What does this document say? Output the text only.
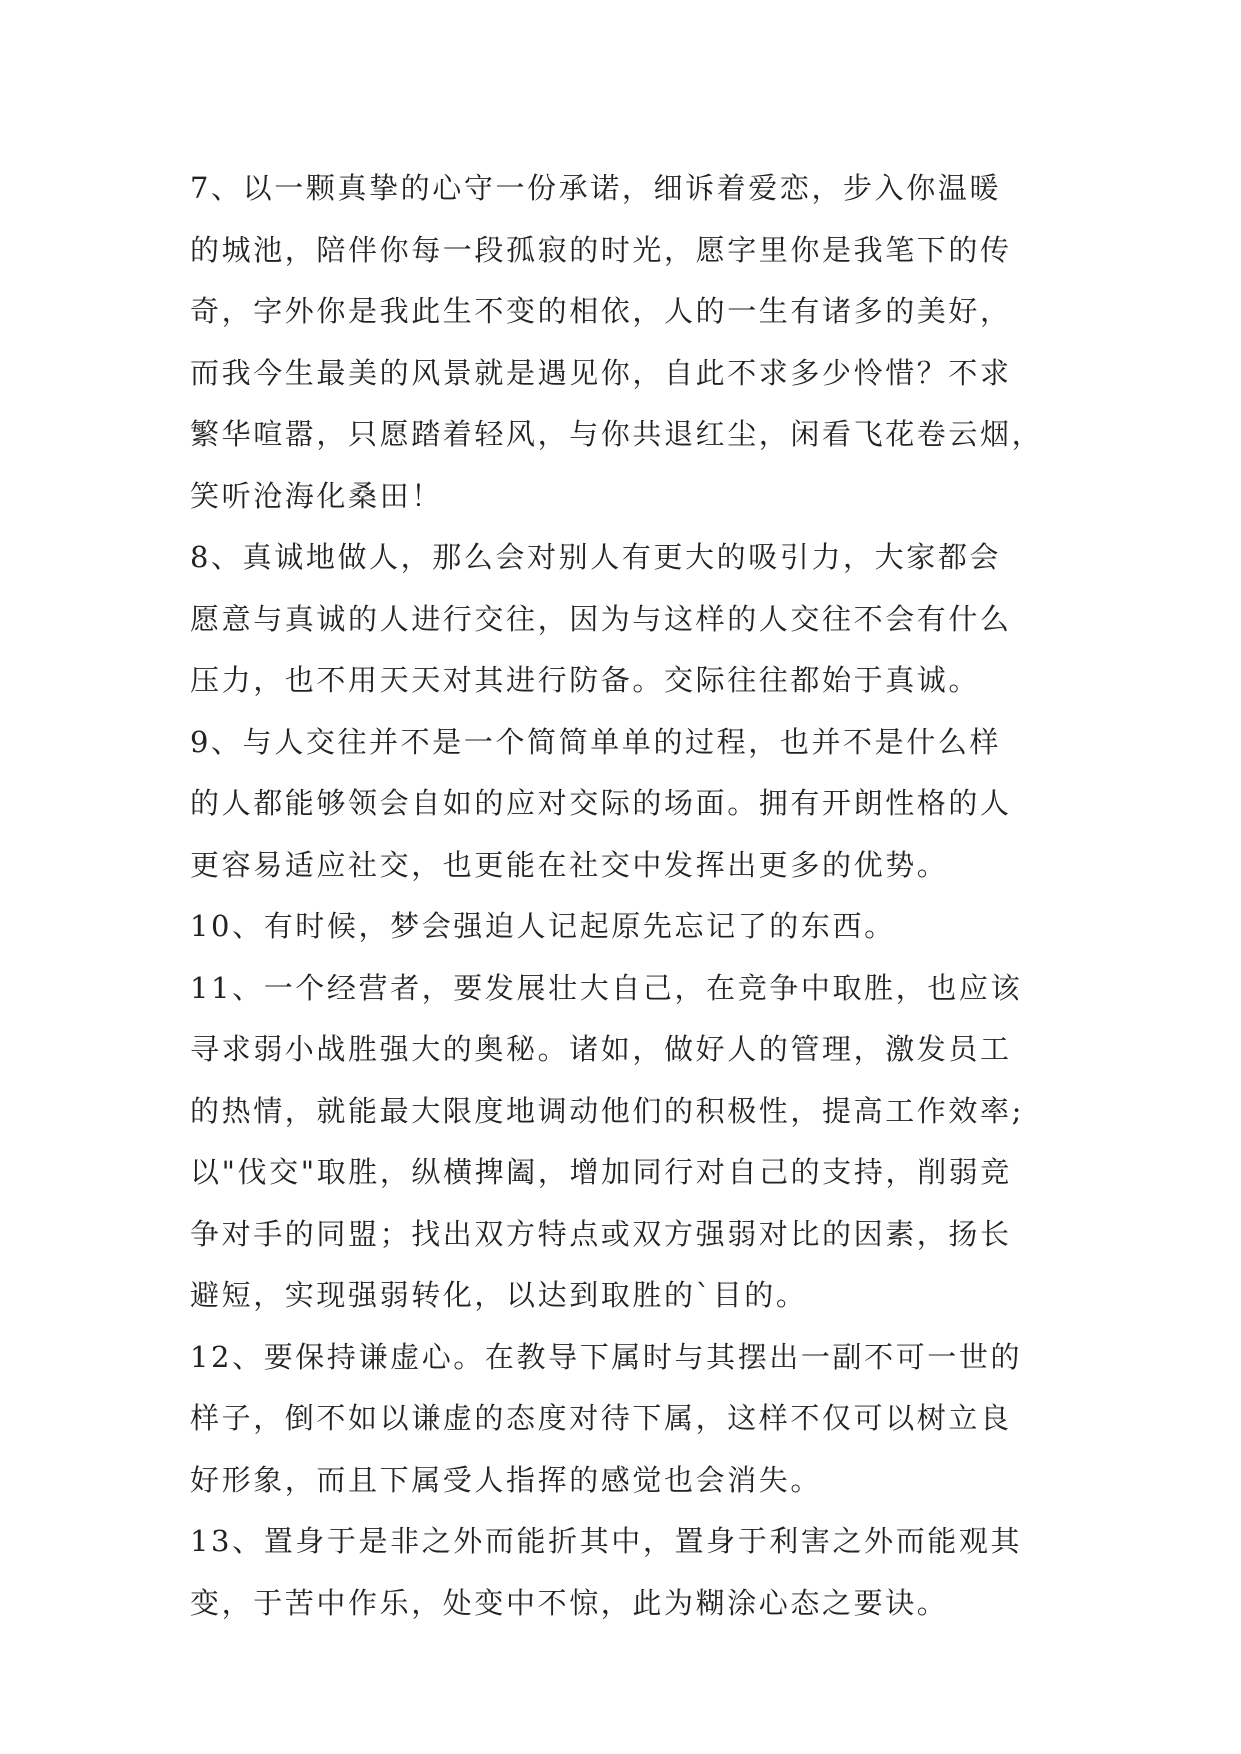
7、以一颗真挚的心守一份承诺，细诉着爱恋，步入你温暖
的城池，陪伴你每一段孤寂的时光，愿字里你是我笔下的传
奇，字外你是我此生不变的相依，人的一生有诸多的美好，
而我今生最美的风景就是遇见你，自此不求多少怜惜？不求
繁华喧嚣，只愿踏着轻风，与你共退红尘，闲看飞花卷云烟，
笑听沧海化桑田！
8、真诚地做人，那么会对别人有更大的吸引力，大家都会
愿意与真诚的人进行交往，因为与这样的人交往不会有什么
压力，也不用天天对其进行防备。交际往往都始于真诚。
9、与人交往并不是一个简简单单的过程，也并不是什么样
的人都能够领会自如的应对交际的场面。拥有开朗性格的人
更容易适应社交，也更能在社交中发挥出更多的优势。
10、有时候，梦会强迫人记起原先忘记了的东西。
11、一个经营者，要发展壮大自己，在竞争中取胜，也应该
寻求弱小战胜强大的奥秘。诸如，做好人的管理，激发员工
的热情，就能最大限度地调动他们的积极性，提高工作效率;
以"伐交"取胜，纵横捭阖，增加同行对自己的支持，削弱竞
争对手的同盟；找出双方特点或双方强弱对比的因素，扬长
避短，实现强弱转化，以达到取胜的`目的。
12、要保持谦虚心。在教导下属时与其摆出一副不可一世的
样子，倒不如以谦虚的态度对待下属，这样不仅可以树立良
好形象，而且下属受人指挥的感觉也会消失。
13、置身于是非之外而能折其中，置身于利害之外而能观其
变，于苦中作乐，处变中不惊，此为糊涂心态之要诀。
